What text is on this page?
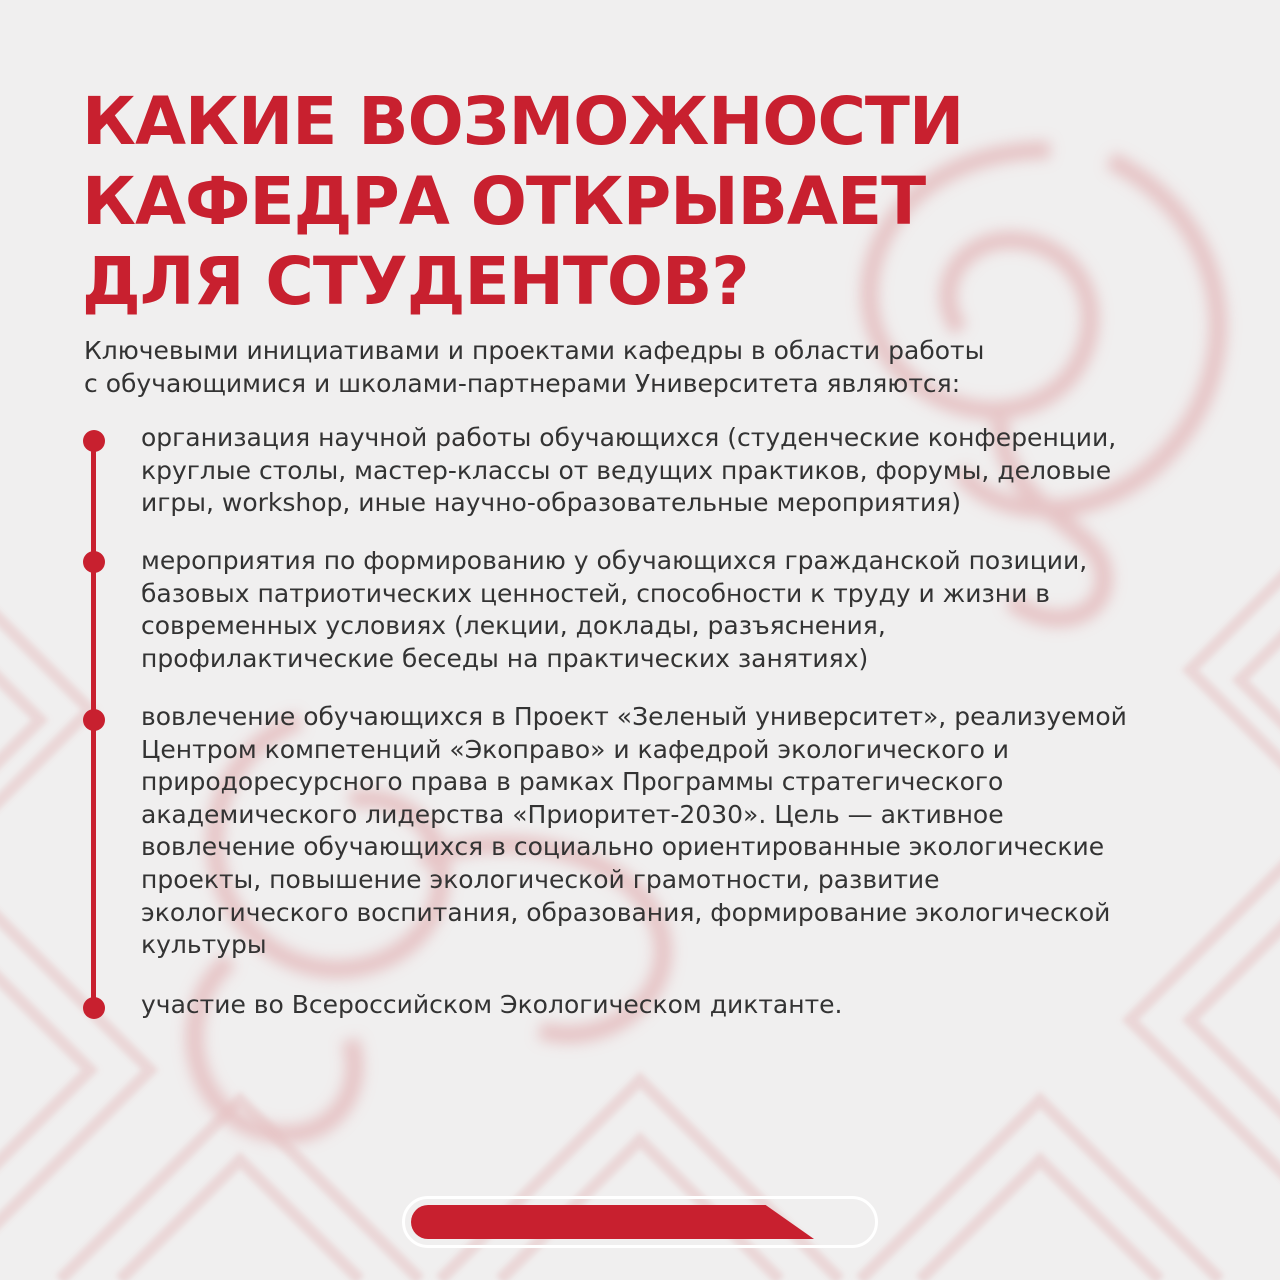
КАКИЕ ВОЗМОЖНОСТИ
КАФЕДРА ОТКРЫВАЕТ
ДЛЯ СТУДЕНТОВ?
Ключевыми инициативами и проектами кафедры в области работы
с обучающимися и школами-партнерами Университета являются:
организация научной работы обучающихся (студенческие конференции,
круглые столы, мастер-классы от ведущих практиков, форумы, деловые
игры, workshop, иные научно-образовательные мероприятия)
мероприятия по формированию у обучающихся гражданской позиции,
базовых патриотических ценностей, способности к труду и жизни в
современных условиях (лекции, доклады, разъяснения,
профилактические беседы на практических занятиях)
вовлечение обучающихся в Проект «Зеленый университет», реализуемой
Центром компетенций «Экоправо» и кафедрой экологического и
природоресурсного права в рамках Программы стратегического
академического лидерства «Приоритет-2030». Цель — активное
вовлечение обучающихся в социально ориентированные экологические
проекты, повышение экологической грамотности, развитие
экологического воспитания, образования, формирование экологической
культуры
участие во Всероссийском Экологическом диктанте.
